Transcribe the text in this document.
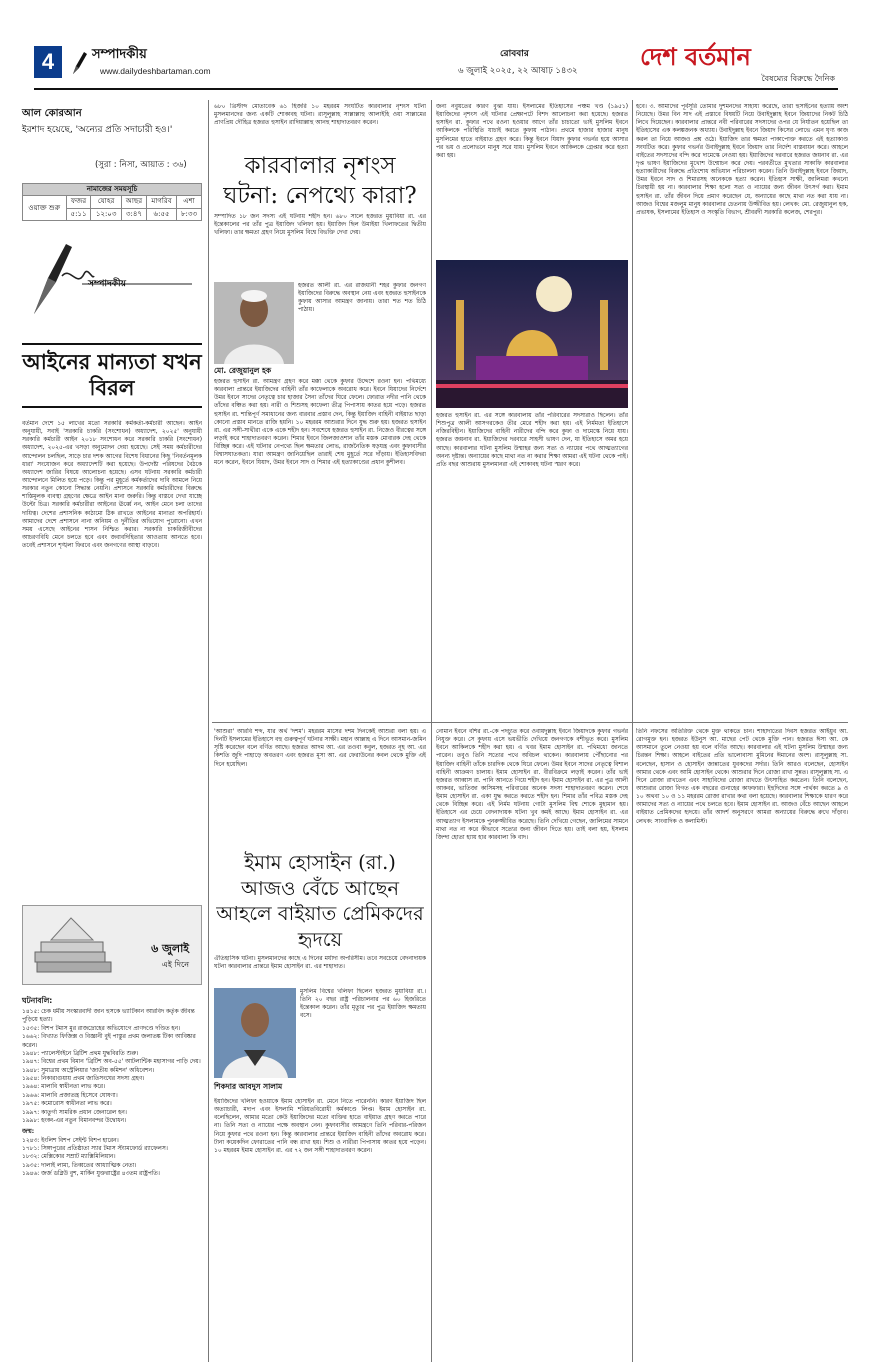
4	সম্পাদকীয়
www.dailydeshbartaman.com
রোববার
৬ জুলাই ২০২৫, ২২ আষাঢ় ১৪৩২	দেশ বর্তমান
বৈষম্যের বিরুদ্ধে দৈনিক
আল কোরআন
ইরশাদ হয়েছে, 'অন্যের প্রতি সদাচারী হও।'
(সুরা : নিসা, আয়াত : ৩৬)
নামাজের সময়সূচি					
ওয়াক্ত শুরু	ফজর	যোহর	আছর	মাগরিব	এশা
	৫:১১	১২:০৩	৩:৪৭	৬:৫৫	৮:৩৩
সম্পাদকীয়
আইনের মান্যতা যখন বিরল
বর্তমান দেশে ১৫ লাখের মতো সরকারি কর্মকর্তা-কর্মচারী আছেন। আইন অনুযায়ী, সবাই 'সরকারি চাকরি (সংশোধন) অধ্যাদেশ, ২০২৫' অনুযায়ী সরকারি কর্মচারী আইন ২০১৮ সংশোধন করে সরকারি চাকরি (সংশোধন) অধ্যাদেশ, ২০২৫-এর খসড়া অনুমোদন দেয়া হয়েছে। সেই সময় কর্মচারীদের আন্দোলন চলছিল, সাড়ে চার দশক আগের বিশেষ বিধানের কিছু 'নিবর্তনমূলক ধারা' সংযোজন করে অধ্যাদেশটি করা হয়েছে। উপদেষ্টা পরিষদের বৈঠকে অধ্যাদেশ জারির বিষয়ে আলোচনা হয়েছে। এসব ঘটনায় সরকারি কর্মচারী আন্দোলনে মিলিত হয়ে পড়ে। কিন্তু পর মুহূর্তে কর্মকর্তাদের দাবি আমলে নিয়ে সরকার নতুন কোনো সিদ্ধান্ত নেয়নি। প্রশাসনে সরকারি কর্মচারীদের বিরুদ্ধে শাস্তিমূলক ব্যবস্থা গ্রহণের ক্ষেত্রে আইন মানা জরুরি। কিন্তু বাস্তবে দেখা যাচ্ছে উল্টো চিত্র। সরকারি কর্মচারীরা আইনের ঊর্ধ্বে নন, আইন মেনে চলা তাদের দায়িত্ব। দেশের প্রশাসনিক কাঠামো ঠিক রাখতে আইনের মান্যতা অপরিহার্য। আমাদের দেশে প্রশাসনে নানা অনিয়ম ও দুর্নীতির অভিযোগ পুরোনো। এখন সময় এসেছে আইনের শাসন নিশ্চিত করার। সরকারি চাকরিজীবীদের আচরণবিধি মেনে চলতে হবে এবং জবাবদিহিতার আওতায় আনতে হবে। তবেই প্রশাসনে শৃঙ্খলা ফিরবে এবং জনগণের আস্থা বাড়বে।
৬ জুলাই
এই দিনে
ঘটনাবলি:
১৪১৫: চেক ধর্মীয় সংস্কারবাদী জান হুসকে ভ্যাটিকান আরবিদ কর্তৃক জীবন্ত পুড়িয়ে হত্যা।
১৫৩৫: বিশপ টমাস মুর রাজদ্রোহের অভিযোগে প্রাণদণ্ডে দণ্ডিত হন।
১৬৬২: বিখ্যাত ফিজিক্স ও বিজ্ঞানী বুই পাস্তুর প্রথম জলাতঙ্ক টিকা আবিষ্কার করেন।
১৯৪৮: প্যালেস্টাইনে ব্রিটিশ প্রথম যুদ্ধবিরতি শুরু।
১৯৪৭: বিশ্বের প্রথম বিমান 'ব্রিটিশ অব-৫৫' আটলান্টিক মহাসাগর পাড়ি দেয়।
১৯৪৮: সুমাত্রায় অস্ট্রেলিয়ার 'জাতীয় কমিশন' অধিবেশন।
১৯৫৪: নিকারাগুয়ায় প্রথম জাতিসংঘের সদস্য গ্রহণ।
১৯৬৪: মালাবি স্বাধীনতা লাভ করে।
১৯৬৬: মালাবি প্রজাতন্ত্র হিসেবে ঘোষণা।
১৯৭৫: কমোরোস স্বাধীনতা লাভ করে।
১৯৯৭: কাতুর্গা সামরিক প্রধান জেনারেল হন।
১৯৯৮: হংকং-এর নতুন বিমানবন্দর উদ্বোধন।
জন্ম:
১২৪৩: ইংলিশ বিশপ সেইন্ট বিশপ হারেন।
১৭৮১: সিঙ্গাপুরের প্রতিষ্ঠাতা স্যার টমাস স্ট্যামফোর্ড র‍্যাফেলস।
১৮৩২: মেক্সিকোর সম্রাট ম্যাক্সিমিলিয়ান।
১৯৩৫: দালাই লামা, তিব্বতের আধ্যাত্মিক নেতা।
১৯৪৬: জর্জ ডব্লিউ বুশ, মার্কিন যুক্তরাষ্ট্রের ৪৩তম রাষ্ট্রপতি।
৬৮০ খ্রিস্টাব্দ মোতাবেক ৬১ হিজরি ১০ মহররম সংঘটিত কারবালার নৃশংস ঘটনা মুসলমানদের জন্য একটি শোকাবহ ঘটনা। রাসূলুল্লাহ সাল্লাল্লাহু আলাইহি ওয়া সাল্লামের প্রাণপ্রিয় দৌহিত্র হজরত হুসাইন রাদিয়াল্লাহু আনহু শাহাদাতবরণ করেন।
কারবালার নৃশংস ঘটনা: নেপথ্যে কারা?
সম্পাদিত ১৮ জন সদস্য এই ঘটনায় শহীদ হন। ৬৮০ সালে হজরত মুয়াবিয়া রা. এর ইন্তেকালের পর তাঁর পুত্র ইয়াজিদ খলিফা হয়। ইয়াজিদ ছিল উমাইয়া খিলাফতের দ্বিতীয় খলিফা। তার ক্ষমতা গ্রহণ নিয়ে মুসলিম বিশ্বে বিভক্তি দেখা দেয়।
হজরত আলী রা. এর রাজধানী শহর কুফার জনগণ ইয়াজিদের বিরুদ্ধে অবস্থান নেয় এবং হজরত হুসাইনকে কুফায় আসার আমন্ত্রণ জানায়। তারা শত শত চিঠি পাঠায়।
মো. রেজুয়ানুল হক
হজরত হুসাইন রা. আমন্ত্রণ গ্রহণ করে মক্কা থেকে কুফার উদ্দেশে রওনা হন। পথিমধ্যে কারবালা প্রান্তরে ইয়াজিদের বাহিনী তাঁর কাফেলাকে অবরোধ করে। ইবনে যিয়াদের নির্দেশে উমর ইবনে সাদের নেতৃত্বে চার হাজার সৈন্য তাঁদের ঘিরে ফেলে। ফোরাত নদীর পানি থেকে তাঁদের বঞ্চিত করা হয়। নারী ও শিশুসহ কাফেলা তীব্র পিপাসায় কাতর হয়ে পড়ে। হজরত হুসাইন রা. শান্তিপূর্ণ সমাধানের জন্য বারবার প্রস্তাব দেন, কিন্তু ইয়াজিদ বাহিনী বাইয়াত ছাড়া কোনো প্রস্তাব মানতে রাজি হয়নি। ১০ মহররম আশুরার দিনে যুদ্ধ শুরু হয়। হজরত হুসাইন রা. এর সঙ্গী-সাথীরা একে একে শহীদ হন। সবশেষে হজরত হুসাইন রা. নিজেও বীরত্বের সঙ্গে লড়াই করে শাহাদাতবরণ করেন। শিমার ইবনে জিলজাওশান তাঁর মস্তক মোবারক দেহ থেকে বিচ্ছিন্ন করে। এই ঘটনার নেপথ্যে ছিল ক্ষমতার লোভ, রাজনৈতিক ষড়যন্ত্র এবং কুফাবাসীর বিশ্বাসঘাতকতা। যারা আমন্ত্রণ জানিয়েছিল তারাই শেষ মুহূর্তে সরে দাঁড়ায়। ইতিহাসবিদরা মনে করেন, ইবনে যিয়াদ, উমর ইবনে সাদ ও শিমার এই হত্যাকাণ্ডের প্রধান কুশীলব।
জন্য নবুয়তের কারণ বুঝা যায়। ইসলামের ইতিহাসের পঞ্চম খণ্ড (১৯৫১) ইয়াজিদের নৃশংস এই ঘটনার প্রেক্ষাপটে বিশদ আলোচনা করা হয়েছে। হজরত হুসাইন রা. কুফার পথে রওনা হওয়ার আগে তাঁর চাচাতো ভাই মুসলিম ইবনে আকিলকে পরিস্থিতি যাচাই করতে কুফায় পাঠান। প্রথমে হাজার হাজার মানুষ মুসলিমের হাতে বাইয়াত গ্রহণ করে। কিন্তু ইবনে যিয়াদ কুফার গভর্নর হয়ে আসার পর ভয় ও প্রলোভনে মানুষ সরে যায়। মুসলিম ইবনে আকিলকে গ্রেপ্তার করে হত্যা করা হয়।
হজরত হুসাইন রা. এর সঙ্গে কারবালায় তাঁর পরিবারের সদস্যরাও ছিলেন। তাঁর শিশুপুত্র আলী আসগরকেও তীর মেরে শহীদ করা হয়। এই নির্মমতা ইতিহাসে নজিরবিহীন। ইয়াজিদের বাহিনী নারীদের বন্দি করে কুফা ও দামেস্কে নিয়ে যায়। হজরত জয়নাব রা. ইয়াজিদের দরবারে সাহসী ভাষণ দেন, যা ইতিহাসে অমর হয়ে আছে। কারবালার ঘটনা মুসলিম উম্মাহর জন্য সত্য ও ন্যায়ের পথে আত্মত্যাগের অনন্য দৃষ্টান্ত। অন্যায়ের কাছে মাথা নত না করার শিক্ষা আমরা এই ঘটনা থেকে পাই। প্রতি বছর আশুরায় মুসলমানরা এই শোকাবহ ঘটনা স্মরণ করে।
হবে। ৩. আমাদের পূর্বসূরি তোমার দুশমনদের সাহায্য করেছে, তারা হুসাইনের হত্যায় অংশ নিয়েছে। উমর বিন সাদ এই প্রস্তাবে বিষয়টি নিয়ে উবাইদুল্লাহ ইবনে জিয়াদের নিকট চিঠি লিখে দিয়েছেন। কারবালার প্রান্তরে নবী পরিবারের সদস্যদের ওপর যে নির্যাতন হয়েছিল তা ইতিহাসের এক কলঙ্কজনক অধ্যায়। উবাইদুল্লাহ ইবনে জিয়াদ কিসের লোভে এমন ঘৃণ্য কাজ করল তা নিয়ে আজও প্রশ্ন ওঠে। ইয়াজিদ তার ক্ষমতা পাকাপোক্ত করতে এই হত্যাকাণ্ড সংঘটিত করে। কুফার গভর্নর উবাইদুল্লাহ ইবনে জিয়াদ তার নির্দেশ বাস্তবায়ন করে। আহলে বাইতের সদস্যদের বন্দি করে দামেস্কে নেওয়া হয়। ইয়াজিদের দরবারে হজরত জয়নাব রা. এর দৃপ্ত ভাষণ ইয়াজিদের মুখোশ উন্মোচন করে দেয়। পরবর্তীতে মুখতার সাকাফি কারবালার হত্যাকারীদের বিরুদ্ধে প্রতিশোধ অভিযান পরিচালনা করেন। তিনি উবাইদুল্লাহ ইবনে জিয়াদ, উমর ইবনে সাদ ও শিমারসহ অনেককে হত্যা করেন। ইতিহাস সাক্ষী, জালিমরা কখনো চিরস্থায়ী হয় না। কারবালার শিক্ষা হলো সত্য ও ন্যায়ের জন্য জীবন উৎসর্গ করা। ইমাম হুসাইন রা. তাঁর জীবন দিয়ে প্রমাণ করেছেন যে, অন্যায়ের কাছে মাথা নত করা যায় না। আজও বিশ্বের মজলুম মানুষ কারবালার চেতনায় উজ্জীবিত হয়। লেখক: মো. রেজুয়ানুল হক, প্রভাষক, ইসলামের ইতিহাস ও সংস্কৃতি বিভাগ, শ্রীবরদী সরকারি কলেজ, শেরপুর।
'আশুরা' আরবি শব্দ, যার অর্থ 'দশম'। মহররম মাসের দশম দিনকেই আশুরা বলা হয়। এ দিনটি ইসলামের ইতিহাসে বহু গুরুত্বপূর্ণ ঘটনার সাক্ষী। মহান আল্লাহ এ দিনে আসমান-জমিন সৃষ্টি করেছেন বলে বর্ণিত আছে। হজরত আদম আ. এর তওবা কবুল, হজরত নূহ আ. এর কিশতি জুদি পাহাড়ে অবতরণ এবং হজরত মূসা আ. এর ফেরাউনের কবল থেকে মুক্তি এই দিনে হয়েছিল।
ইমাম হোসাইন (রা.) আজও বেঁচে আছেন আহলে বাইয়াত প্রেমিকদের হৃদয়ে
ঐতিহাসিক ঘটনা। মুসলমানদের কাছে এ দিনের মর্যাদা অপরিসীম। তবে সবচেয়ে বেদনাদায়ক ঘটনা কারবালার প্রান্তরে ইমাম হোসাইন রা. এর শাহাদাত।
শিকদার আবদুস সালাম
মুসলিম বিশ্বের খলিফা ছিলেন হজরত মুয়াবিয়া রা.। তিনি ২০ বছর রাষ্ট্র পরিচালনার পর ৬০ হিজরিতে ইন্তেকাল করেন। তাঁর মৃত্যুর পর পুত্র ইয়াজিদ ক্ষমতায় বসে।
ইয়াজিদের খলিফা হওয়াকে ইমাম হোসাইন রা. মেনে নিতে পারেননি। কারণ ইয়াজিদ ছিল অত্যাচারী, মদ্যপ এবং ইসলামি শরিয়তবিরোধী কর্মকাণ্ডে লিপ্ত। ইমাম হোসাইন রা. বলেছিলেন, আমার মতো কেউ ইয়াজিদের মতো ব্যক্তির হাতে বাইয়াত গ্রহণ করতে পারে না। তিনি সত্য ও ন্যায়ের পক্ষে অবস্থান নেন। কুফাবাসীর আমন্ত্রণে তিনি পরিবার-পরিজন নিয়ে কুফার পথে রওনা হন। কিন্তু কারবালার প্রান্তরে ইয়াজিদ বাহিনী তাঁদের অবরোধ করে। টানা কয়েকদিন ফোরাতের পানি বন্ধ রাখা হয়। শিশু ও নারীরা পিপাসায় কাতর হয়ে পড়েন। ১০ মহররম ইমাম হোসাইন রা. এর ৭২ জন সঙ্গী শাহাদাতবরণ করেন।
নোমান ইবনে বশির রা.-কে পদচ্যুত করে ওবায়দুল্লাহ ইবনে জিয়াদকে কুফার গভর্নর নিযুক্ত করে। সে কুফায় এসে ভয়ভীতি দেখিয়ে জনগণকে বশীভূত করে। মুসলিম ইবনে আকিলকে শহীদ করা হয়। এ খবর ইমাম হোসাইন রা. পথিমধ্যে জানতে পারেন। তবুও তিনি সত্যের পথে অবিচল থাকেন। কারবালায় পৌঁছানোর পর ইয়াজিদ বাহিনী তাঁকে চারদিক থেকে ঘিরে ফেলে। উমর ইবনে সাদের নেতৃত্বে বিশাল বাহিনী আক্রমণ চালায়। ইমাম হোসাইন রা. বীরবিক্রমে লড়াই করেন। তাঁর ভাই হজরত আব্বাস রা. পানি আনতে গিয়ে শহীদ হন। ইমাম হোসাইন রা. এর পুত্র আলী আকবর, ভাতিজা কাসিমসহ পরিবারের অনেক সদস্য শাহাদাতবরণ করেন। শেষে ইমাম হোসাইন রা. একা যুদ্ধ করতে করতে শহীদ হন। শিমার তাঁর পবিত্র মস্তক দেহ থেকে বিচ্ছিন্ন করে। এই নির্মম ঘটনায় গোটা মুসলিম বিশ্ব শোকে মুহ্যমান হয়। ইতিহাসে এর চেয়ে বেদনাদায়ক ঘটনা খুব কমই আছে। ইমাম হোসাইন রা. এর আত্মত্যাগ ইসলামকে পুনরুজ্জীবিত করেছে। তিনি দেখিয়ে গেছেন, জালিমের সামনে মাথা নত না করে কীভাবে সত্যের জন্য জীবন দিতে হয়। তাই বলা হয়, ইসলাম জিন্দা হোতা হ্যায় হার কারবালা কি বাদ।
তিনি নফসের অতিরিক্ত থেকে মুক্ত থাকতে চান। শাহাদাতের দিবস হজরত আইয়ুব আ. রোগমুক্ত হন। হজরত ইউনুস আ. মাছের পেট থেকে মুক্তি পান। হজরত ঈসা আ. কে আসমানে তুলে নেওয়া হয় বলে বর্ণিত আছে। কারবালার এই ঘটনা মুসলিম উম্মাহর জন্য চিরন্তন শিক্ষা। আহলে বাইতের প্রতি ভালোবাসা মুমিনের ঈমানের অংশ। রাসূলুল্লাহ সা. বলেছেন, হাসান ও হোসাইন জান্নাতের যুবকদের সর্দার। তিনি আরও বলেছেন, হোসাইন আমার থেকে এবং আমি হোসাইন থেকে। আশুরার দিনে রোজা রাখা সুন্নত। রাসূলুল্লাহ সা. এ দিনে রোজা রাখতেন এবং সাহাবিদের রোজা রাখতে উৎসাহিত করতেন। তিনি বলেছেন, আশুরার রোজা বিগত এক বছরের গুনাহের কাফফারা। ইহুদিদের সঙ্গে পার্থক্য করতে ৯ ও ১০ অথবা ১০ ও ১১ মহররম রোজা রাখার কথা বলা হয়েছে। কারবালার শিক্ষাকে ধারণ করে আমাদের সত্য ও ন্যায়ের পথে চলতে হবে। ইমাম হোসাইন রা. আজও বেঁচে আছেন আহলে বাইয়াত প্রেমিকদের হৃদয়ে। তাঁর আদর্শ অনুসরণে আমরা অন্যায়ের বিরুদ্ধে রুখে দাঁড়াব। লেখক: সাংবাদিক ও কলামিস্ট।
